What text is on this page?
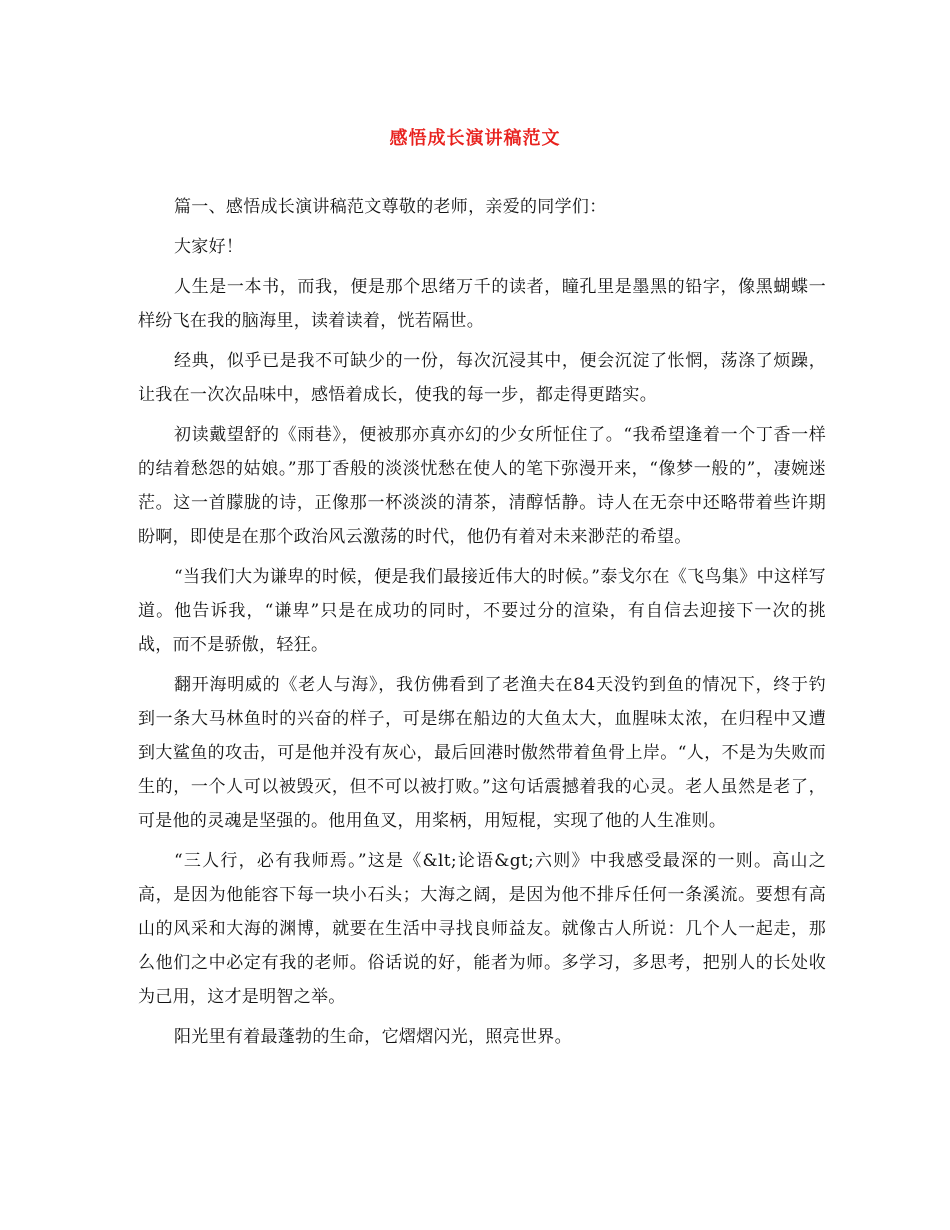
感悟成长演讲稿范文

篇一、感悟成长演讲稿范文尊敬的老师，亲爱的同学们：

大家好！

人生是一本书，而我，便是那个思绪万千的读者，瞳孔里是墨黑的铅字，像黑蝴蝶一样纷飞在我的脑海里，读着读着，恍若隔世。

经典，似乎已是我不可缺少的一份，每次沉浸其中，便会沉淀了怅惘，荡涤了烦躁，让我在一次次品味中，感悟着成长，使我的每一步，都走得更踏实。

初读戴望舒的《雨巷》，便被那亦真亦幻的少女所怔住了。“我希望逢着一个丁香一样的结着愁怨的姑娘。”那丁香般的淡淡忧愁在使人的笔下弥漫开来，“像梦一般的”，凄婉迷茫。这一首朦胧的诗，正像那一杯淡淡的清茶，清醇恬静。诗人在无奈中还略带着些许期盼啊，即使是在那个政治风云激荡的时代，他仍有着对未来渺茫的希望。

“当我们大为谦卑的时候，便是我们最接近伟大的时候。”泰戈尔在《飞鸟集》中这样写道。他告诉我，“谦卑”只是在成功的同时，不要过分的渲染，有自信去迎接下一次的挑战，而不是骄傲，轻狂。

翻开海明威的《老人与海》，我仿佛看到了老渔夫在84天没钓到鱼的情况下，终于钓到一条大马林鱼时的兴奋的样子，可是绑在船边的大鱼太大，血腥味太浓，在归程中又遭到大鲨鱼的攻击，可是他并没有灰心，最后回港时傲然带着鱼骨上岸。“人，不是为失败而生的，一个人可以被毁灭，但不可以被打败。”这句话震撼着我的心灵。老人虽然是老了，可是他的灵魂是坚强的。他用鱼叉，用桨柄，用短棍，实现了他的人生准则。

“三人行，必有我师焉。”这是《&lt;论语&gt;六则》中我感受最深的一则。高山之高，是因为他能容下每一块小石头；大海之阔，是因为他不排斥任何一条溪流。要想有高山的风采和大海的渊博，就要在生活中寻找良师益友。就像古人所说：几个人一起走，那么他们之中必定有我的老师。俗话说的好，能者为师。多学习，多思考，把别人的长处收为己用，这才是明智之举。

阳光里有着最蓬勃的生命，它熠熠闪光，照亮世界。
